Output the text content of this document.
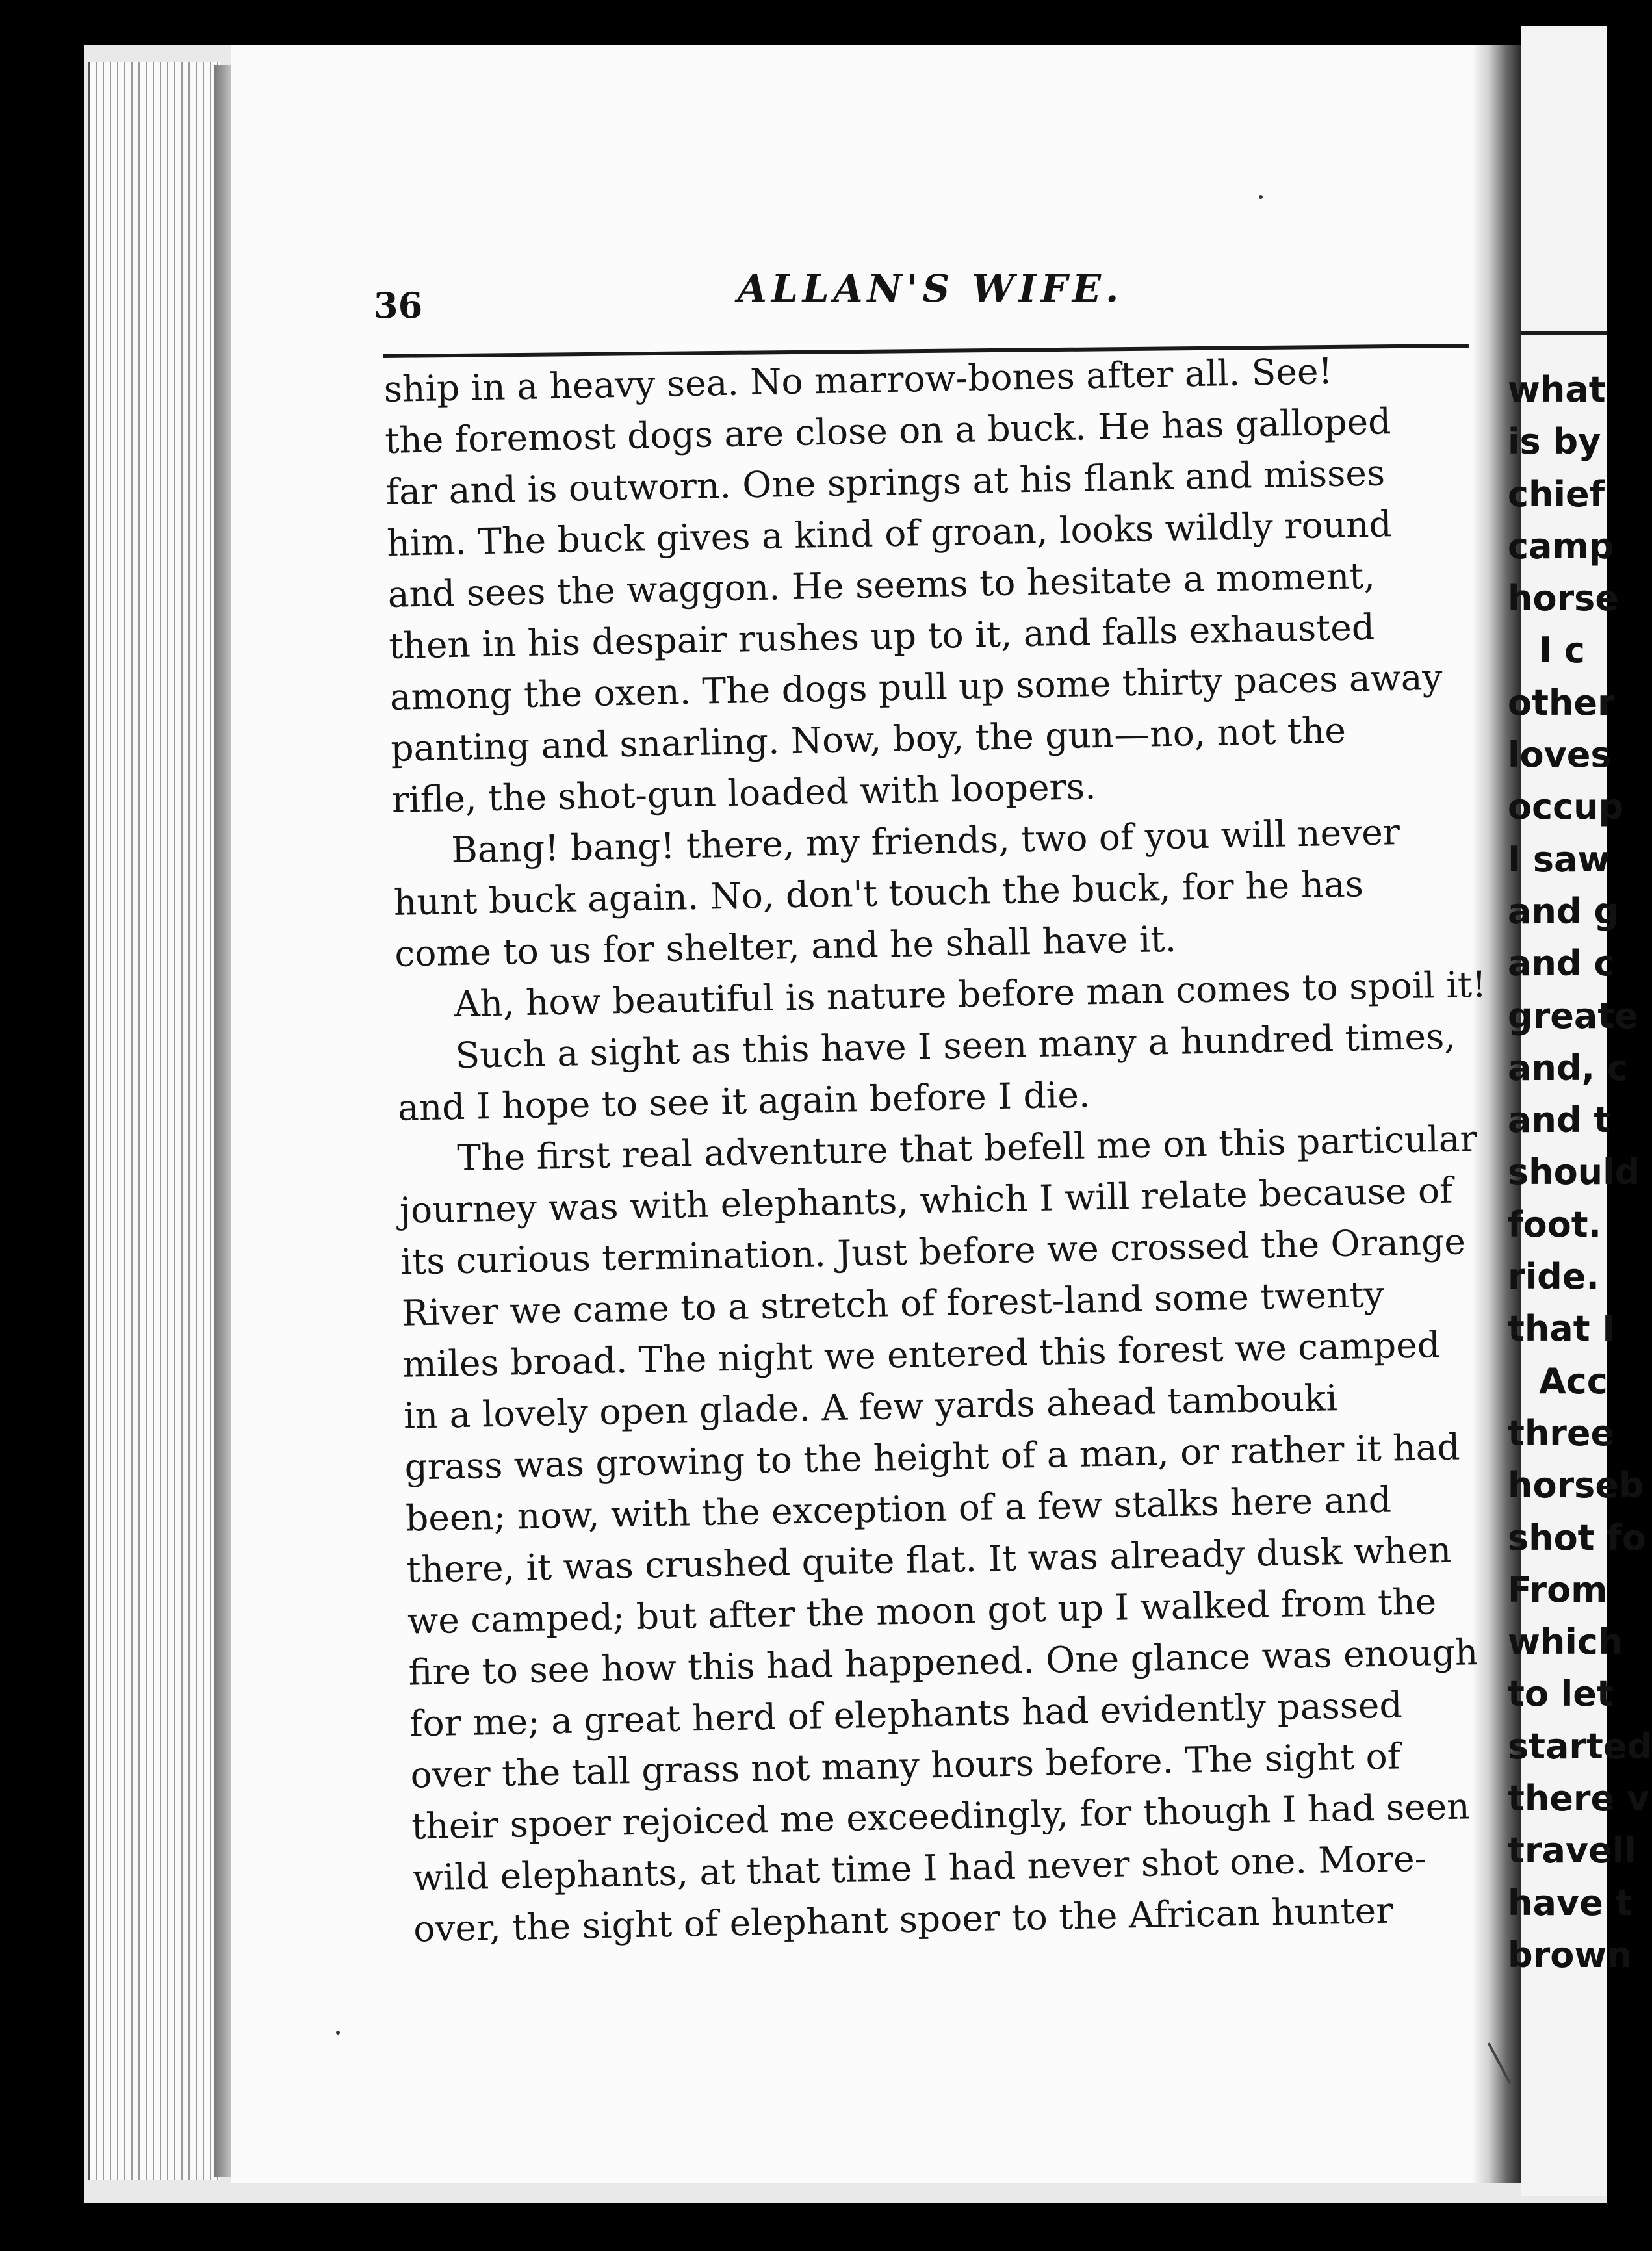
36	ALLAN'S WIFE.
ship in a heavy sea. No marrow-bones after all. See!
the foremost dogs are close on a buck. He has galloped
far and is outworn. One springs at his flank and misses
him. The buck gives a kind of groan, looks wildly round
and sees the waggon. He seems to hesitate a moment,
then in his despair rushes up to it, and falls exhausted
among the oxen. The dogs pull up some thirty paces away
panting and snarling. Now, boy, the gun—no, not the
rifle, the shot-gun loaded with loopers.
Bang! bang! there, my friends, two of you will never
hunt buck again. No, don't touch the buck, for he has
come to us for shelter, and he shall have it.
Ah, how beautiful is nature before man comes to spoil it!
Such a sight as this have I seen many a hundred times,
and I hope to see it again before I die.
The first real adventure that befell me on this particular
journey was with elephants, which I will relate because of
its curious termination. Just before we crossed the Orange
River we came to a stretch of forest-land some twenty
miles broad. The night we entered this forest we camped
in a lovely open glade. A few yards ahead tambouki
grass was growing to the height of a man, or rather it had
been; now, with the exception of a few stalks here and
there, it was crushed quite flat. It was already dusk when
we camped; but after the moon got up I walked from the
fire to see how this had happened. One glance was enough
for me; a great herd of elephants had evidently passed
over the tall grass not many hours before. The sight of
their spoer rejoiced me exceedingly, for though I had seen
wild elephants, at that time I had never shot one. More-
over, the sight of elephant spoer to the African hunter
what
is by
chief
camp
horse
I c
other
loves
occup
I saw
and g
and c
greate
and, c
and t
should
foot.
ride.
that I
Acc
three
horseb
shot fo
From
which
to let
started
there v
travell
have t
brown
